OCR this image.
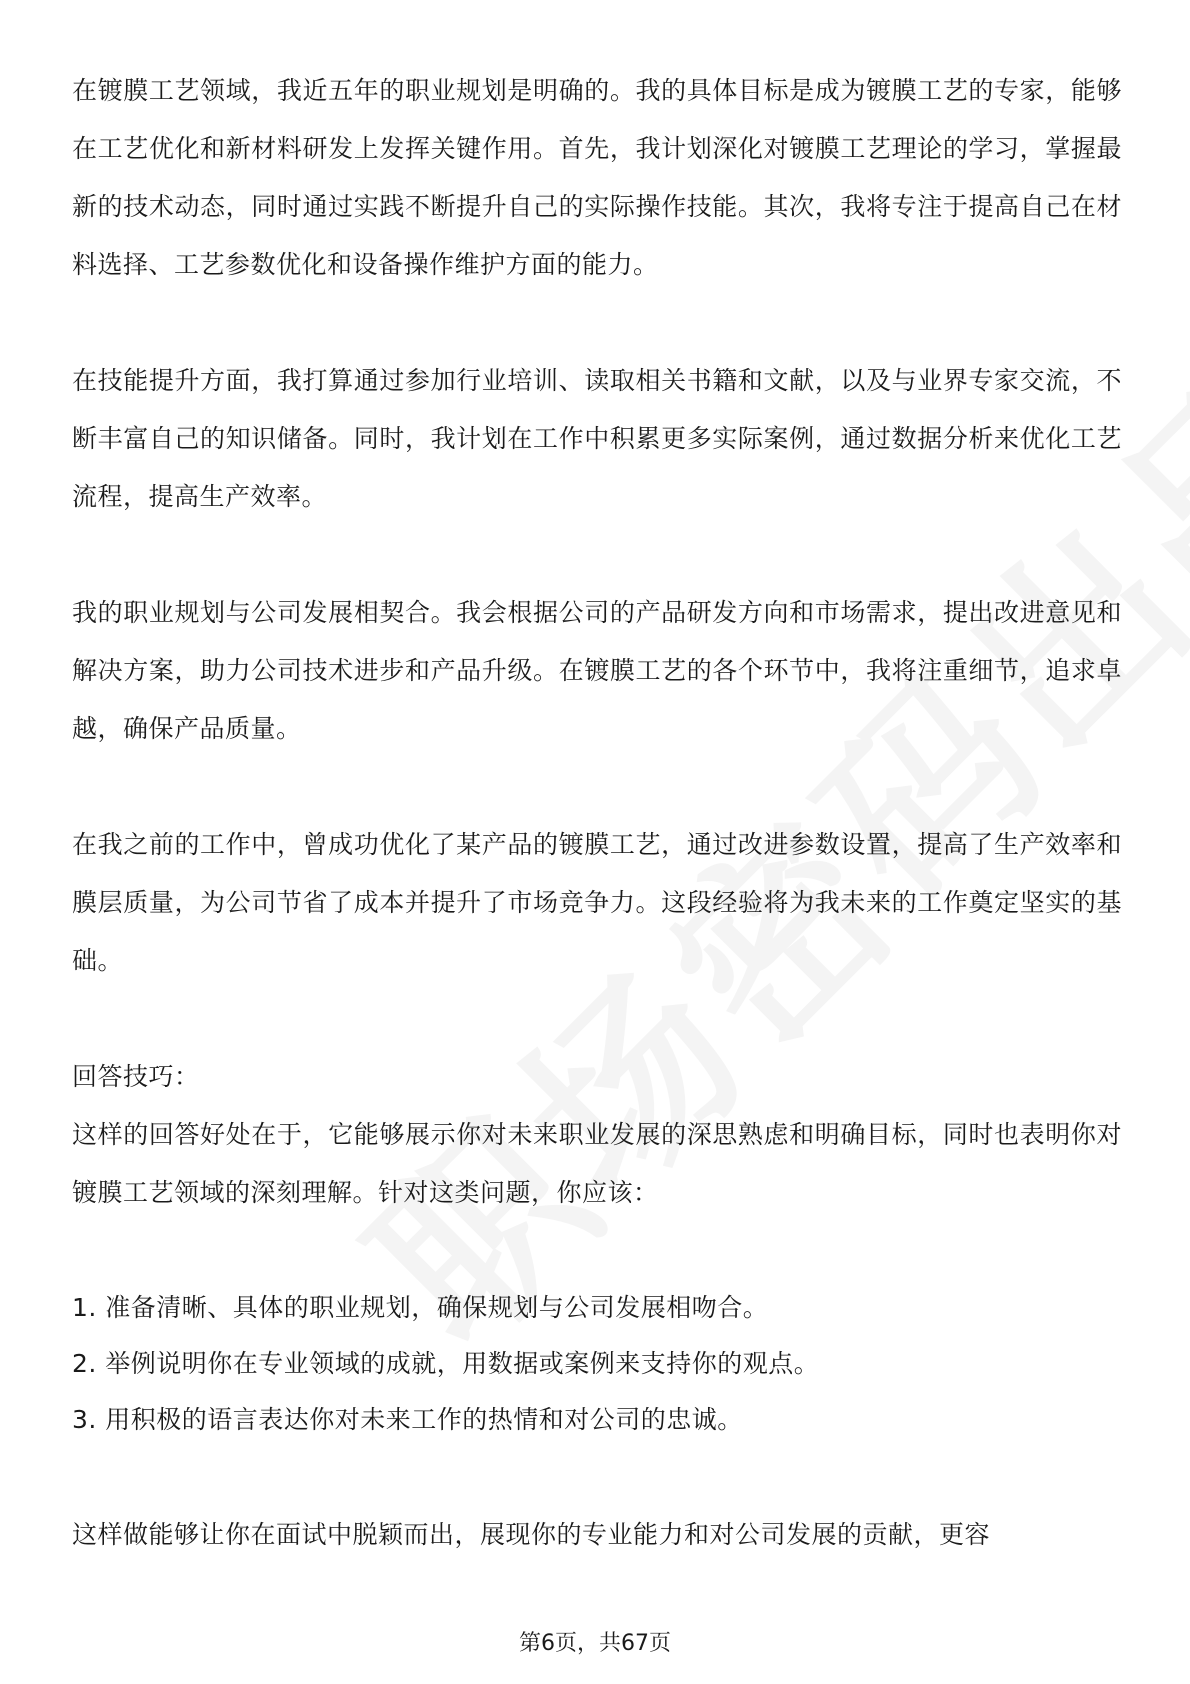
在镀膜工艺领域，我近五年的职业规划是明确的。我的具体目标是成为镀膜工艺的专家，能够在工艺优化和新材料研发上发挥关键作用。首先，我计划深化对镀膜工艺理论的学习，掌握最新的技术动态，同时通过实践不断提升自己的实际操作技能。其次，我将专注于提高自己在材料选择、工艺参数优化和设备操作维护方面的能力。

在技能提升方面，我打算通过参加行业培训、读取相关书籍和文献，以及与业界专家交流，不断丰富自己的知识储备。同时，我计划在工作中积累更多实际案例，通过数据分析来优化工艺流程，提高生产效率。

我的职业规划与公司发展相契合。我会根据公司的产品研发方向和市场需求，提出改进意见和解决方案，助力公司技术进步和产品升级。在镀膜工艺的各个环节中，我将注重细节，追求卓越，确保产品质量。

在我之前的工作中，曾成功优化了某产品的镀膜工艺，通过改进参数设置，提高了生产效率和膜层质量，为公司节省了成本并提升了市场竞争力。这段经验将为我未来的工作奠定坚实的基础。

回答技巧：

这样的回答好处在于，它能够展示你对未来职业发展的深思熟虑和明确目标，同时也表明你对镀膜工艺领域的深刻理解。针对这类问题，你应该：

1. 准备清晰、具体的职业规划，确保规划与公司发展相吻合。

2. 举例说明你在专业领域的成就，用数据或案例来支持你的观点。

3. 用积极的语言表达你对未来工作的热情和对公司的忠诚。

这样做能够让你在面试中脱颖而出，展现你的专业能力和对公司发展的贡献，更容

第6页，共67页
